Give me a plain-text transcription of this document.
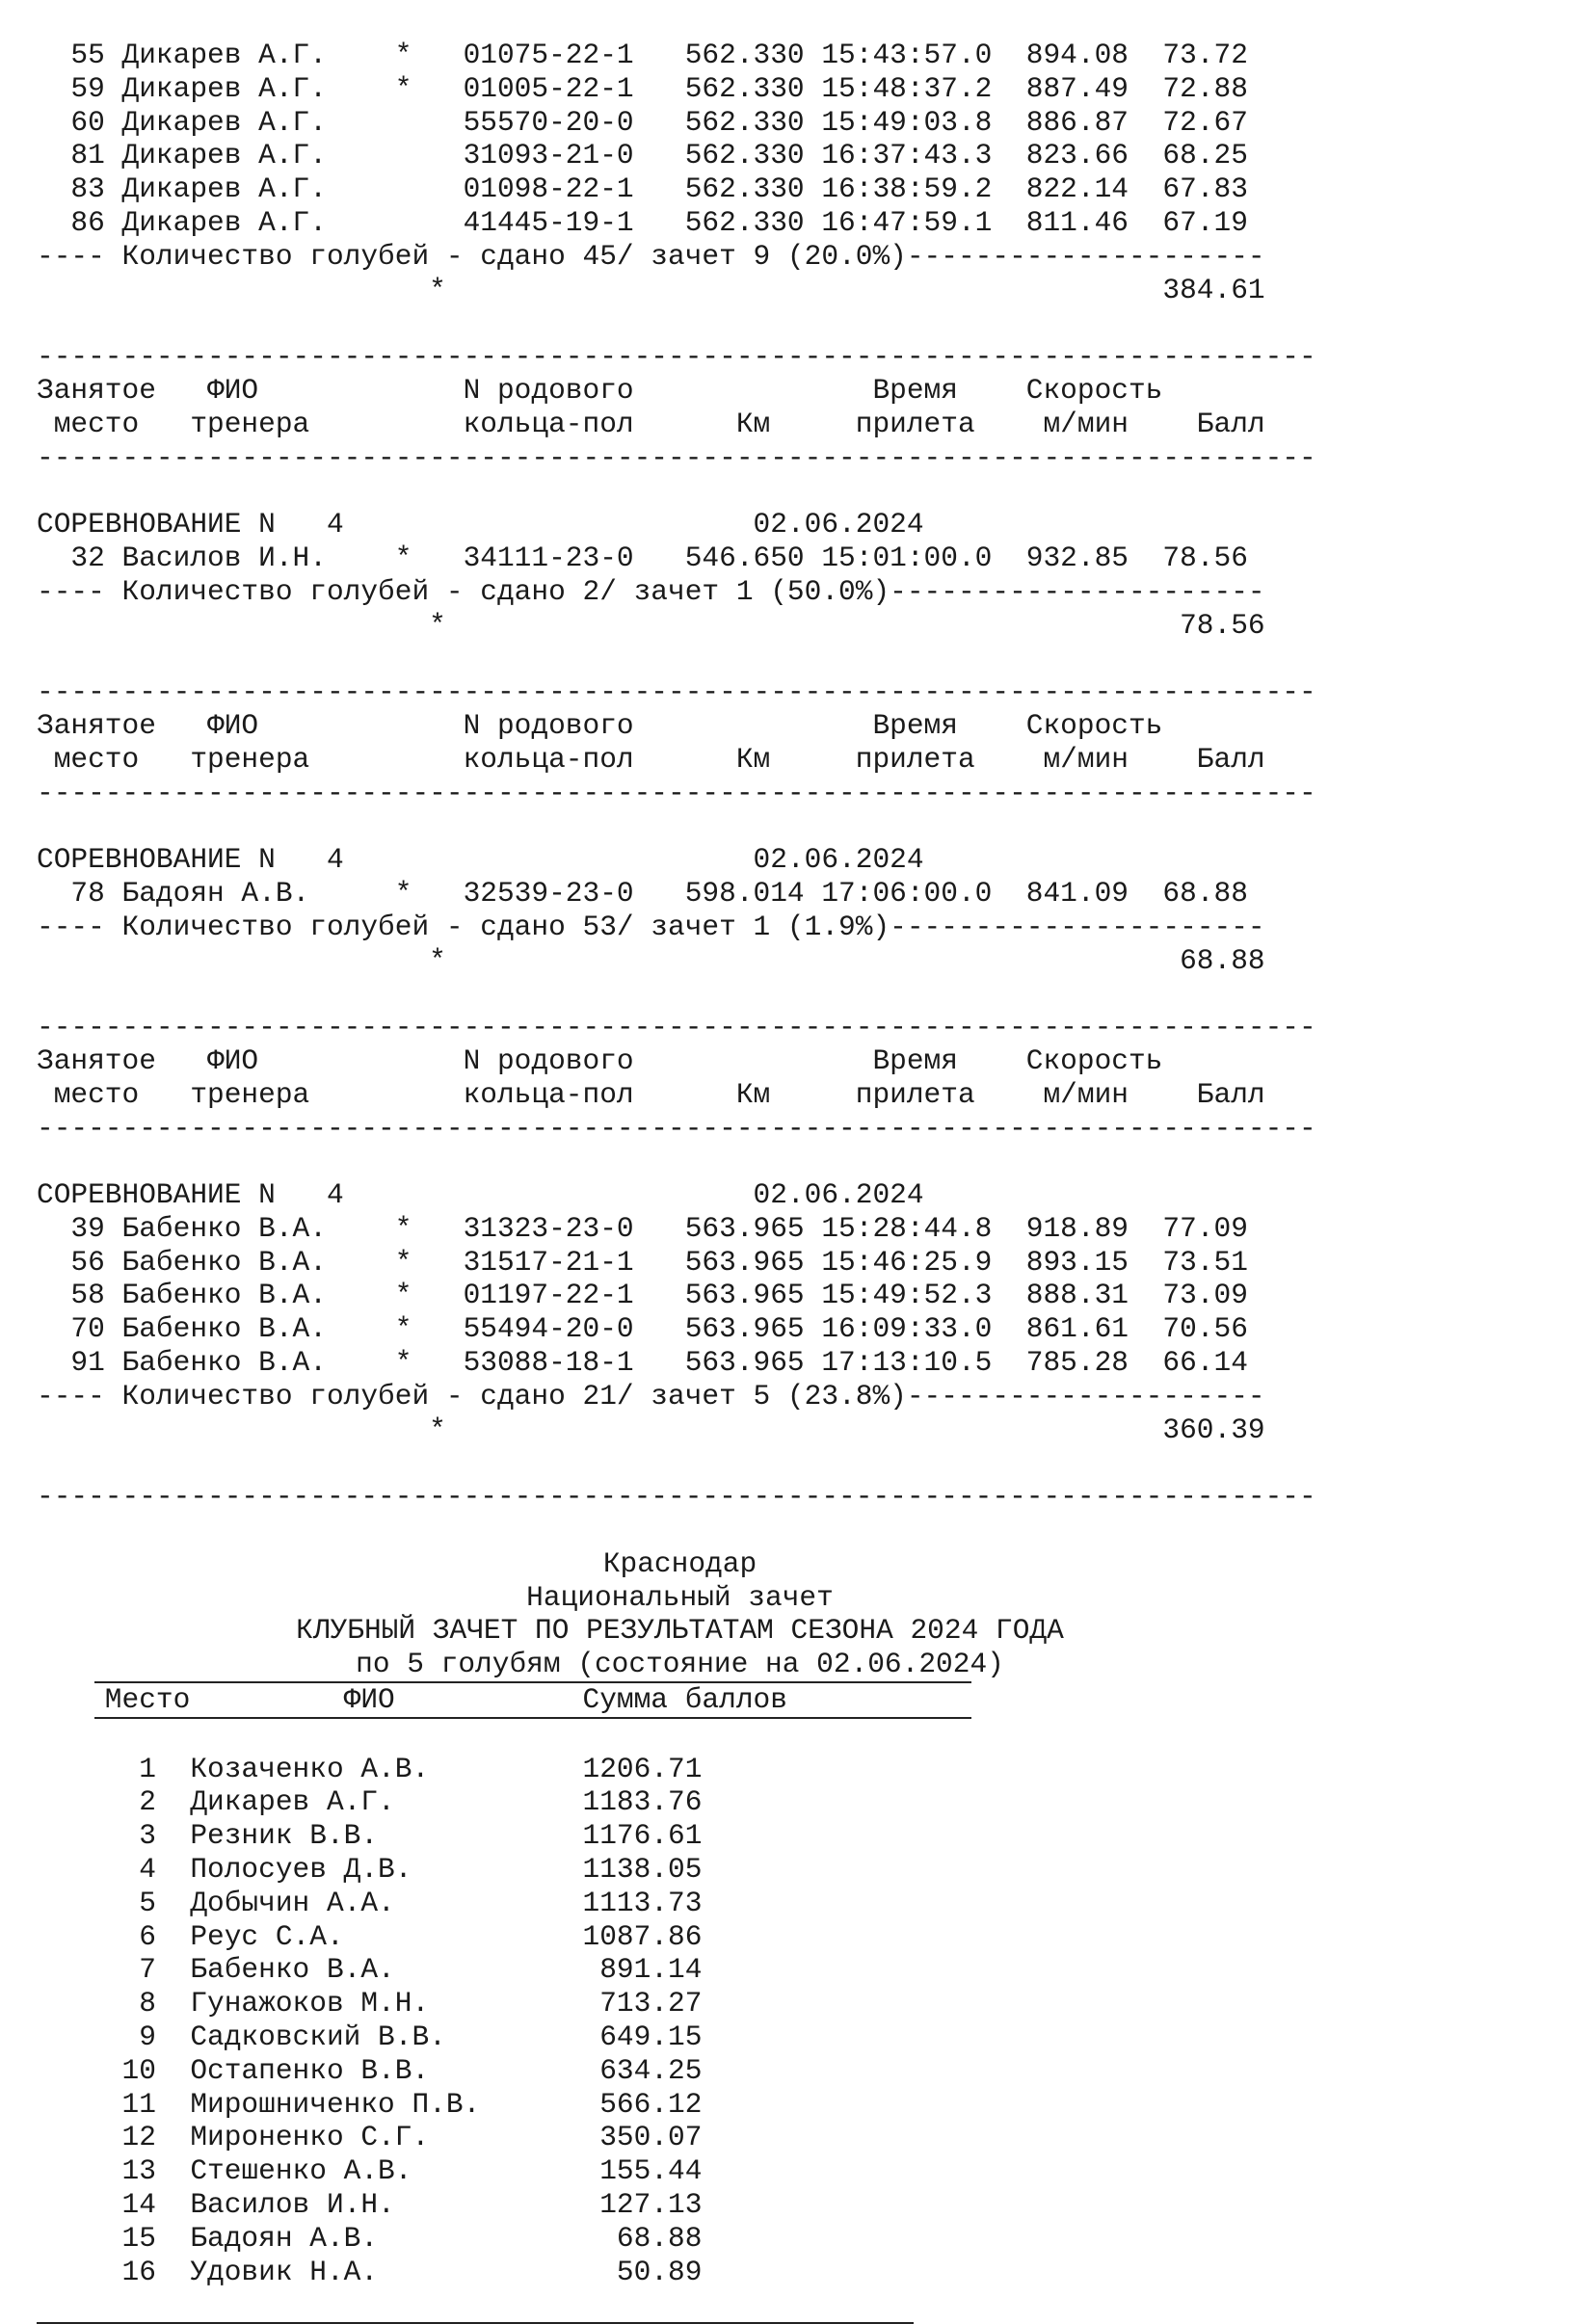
55 Дикарев А.Г.    *   01075-22-1   562.330 15:43:57.0  894.08  73.72
59 Дикарев А.Г.    *   01005-22-1   562.330 15:48:37.2  887.49  72.88
60 Дикарев А.Г.        55570-20-0   562.330 15:49:03.8  886.87  72.67
81 Дикарев А.Г.        31093-21-0   562.330 16:37:43.3  823.66  68.25
83 Дикарев А.Г.        01098-22-1   562.330 16:38:59.2  822.14  67.83
86 Дикарев А.Г.        41445-19-1   562.330 16:47:59.1  811.46  67.19
---- Количество голубей - сдано 45/ зачет 9 (20.0%)---------------------
*                                          384.61
---------------------------------------------------------------------------
Занятое   ФИО            N родового              Время    Скорость
место   тренера         кольца-пол      Км     прилета    м/мин    Балл
---------------------------------------------------------------------------
СОРЕВНОВАНИЕ N   4                        02.06.2024
32 Василов И.Н.    *   34111-23-0   546.650 15:01:00.0  932.85  78.56
---- Количество голубей - сдано 2/ зачет 1 (50.0%)----------------------
*                                           78.56
---------------------------------------------------------------------------
Занятое   ФИО            N родового              Время    Скорость
место   тренера         кольца-пол      Км     прилета    м/мин    Балл
---------------------------------------------------------------------------
СОРЕВНОВАНИЕ N   4                        02.06.2024
78 Бадоян А.В.     *   32539-23-0   598.014 17:06:00.0  841.09  68.88
---- Количество голубей - сдано 53/ зачет 1 (1.9%)----------------------
*                                           68.88
---------------------------------------------------------------------------
Занятое   ФИО            N родового              Время    Скорость
место   тренера         кольца-пол      Км     прилета    м/мин    Балл
---------------------------------------------------------------------------
СОРЕВНОВАНИЕ N   4                        02.06.2024
39 Бабенко В.А.    *   31323-23-0   563.965 15:28:44.8  918.89  77.09
56 Бабенко В.А.    *   31517-21-1   563.965 15:46:25.9  893.15  73.51
58 Бабенко В.А.    *   01197-22-1   563.965 15:49:52.3  888.31  73.09
70 Бабенко В.А.    *   55494-20-0   563.965 16:09:33.0  861.61  70.56
91 Бабенко В.А.    *   53088-18-1   563.965 17:13:10.5  785.28  66.14
---- Количество голубей - сдано 21/ зачет 5 (23.8%)---------------------
*                                          360.39
---------------------------------------------------------------------------
Краснодар
Национальный зачет
КЛУБНЫЙ ЗАЧЕТ ПО РЕЗУЛЬТАТАМ СЕЗОНА 2024 ГОДА
по 5 голубям (состояние на 02.06.2024)
Место         ФИО           Сумма баллов
1  Козаченко А.В.         1206.71
2  Дикарев А.Г.           1183.76
3  Резник В.В.            1176.61
4  Полосуев Д.В.          1138.05
5  Добычин А.А.           1113.73
6  Реус С.А.              1087.86
7  Бабенко В.А.            891.14
8  Гунажоков М.Н.          713.27
9  Садковский В.В.         649.15
10  Остапенко В.В.          634.25
11  Мирошниченко П.В.       566.12
12  Мироненко С.Г.          350.07
13  Стешенко А.В.           155.44
14  Василов И.Н.            127.13
15  Бадоян А.В.              68.88
16  Удовик Н.А.              50.89
